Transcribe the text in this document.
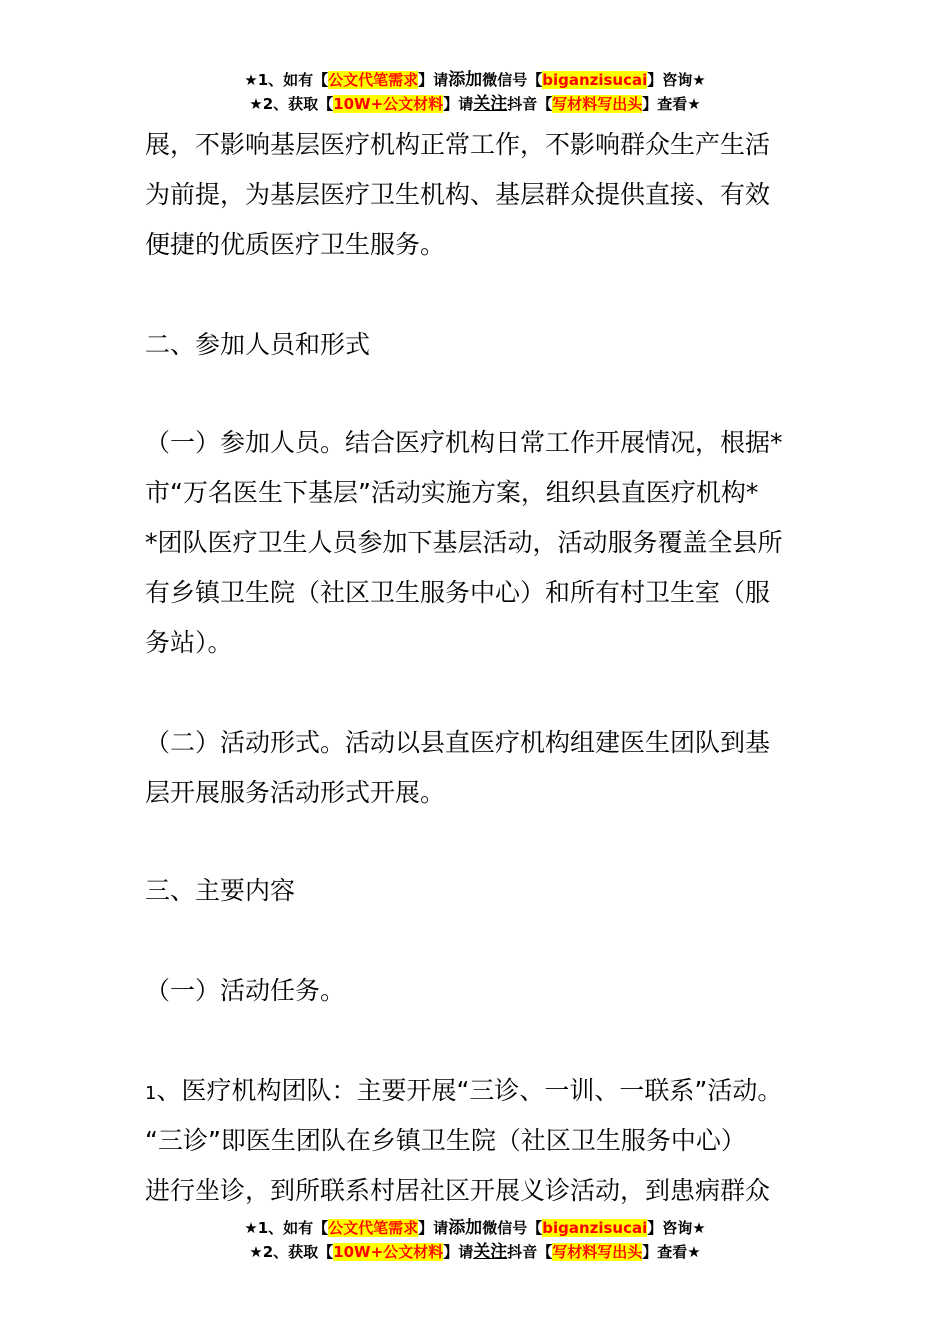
★1、如有【公文代笔需求】请添加微信号【biganzisucai】咨询★
★2、获取【10W+公文材料】请关注抖音【写材料写出头】查看★
展，不影响基层医疗机构正常工作，不影响群众生产生活
为前提，为基层医疗卫生机构、基层群众提供直接、有效
便捷的优质医疗卫生服务。
二、参加人员和形式
（一）参加人员。结合医疗机构日常工作开展情况，根据*
市“万名医生下基层”活动实施方案，组织县直医疗机构*
*团队医疗卫生人员参加下基层活动，活动服务覆盖全县所
有乡镇卫生院（社区卫生服务中心）和所有村卫生室（服
务站）。
（二）活动形式。活动以县直医疗机构组建医生团队到基
层开展服务活动形式开展。
三、主要内容
（一）活动任务。
1、医疗机构团队：主要开展“三诊、一训、一联系”活动。
“三诊”即医生团队在乡镇卫生院（社区卫生服务中心）
进行坐诊，到所联系村居社区开展义诊活动，到患病群众
★1、如有【公文代笔需求】请添加微信号【biganzisucai】咨询★
★2、获取【10W+公文材料】请关注抖音【写材料写出头】查看★
